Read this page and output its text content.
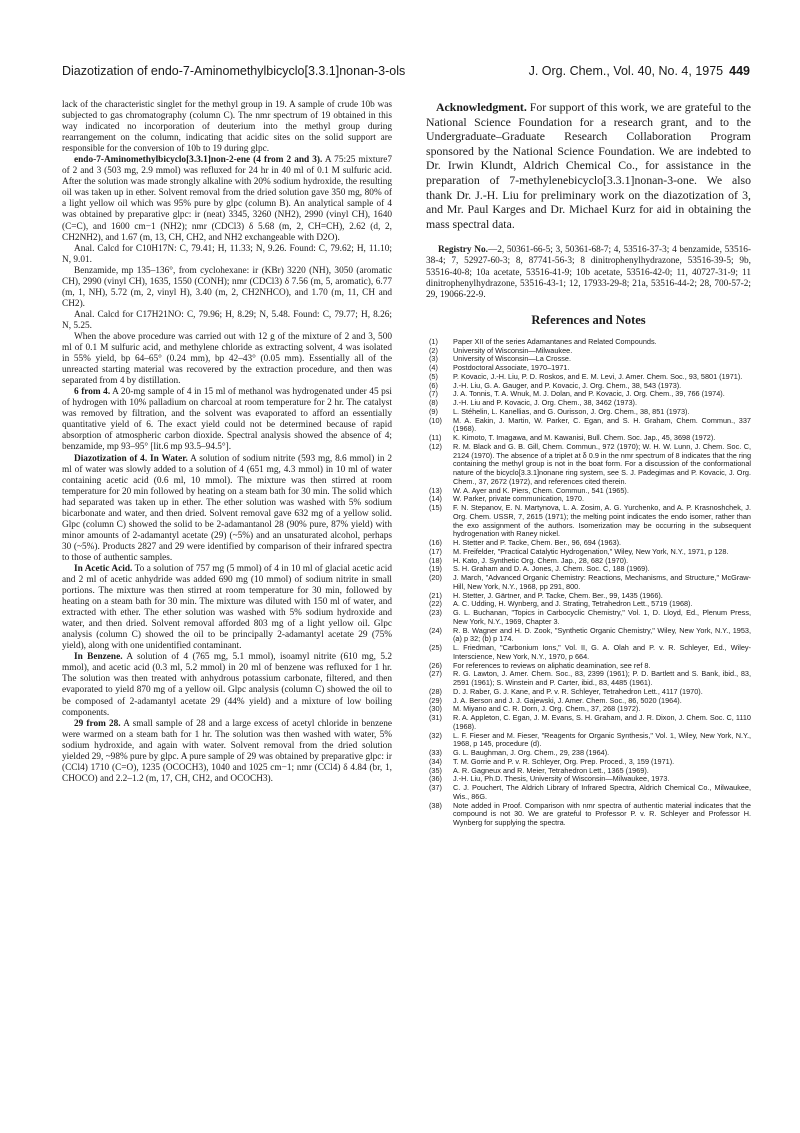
Diazotization of endo-7-Aminomethylbicyclo[3.3.1]nonan-3-ols	J. Org. Chem., Vol. 40, No. 4, 1975 449

lack of the characteristic singlet for the methyl group in 19. A sample of crude 10b was subjected to gas chromatography (column C). The nmr spectrum of 19 obtained in this way indicated no incorporation of deuterium into the methyl group during rearrangement on the column, indicating that acidic sites on the solid support are responsible for the conversion of 10b to 19 during glpc.

endo-7-Aminomethylbicyclo[3.3.1]non-2-ene (4 from 2 and 3). A 75:25 mixture7 of 2 and 3 (503 mg, 2.9 mmol) was refluxed for 24 hr in 40 ml of 0.1 M sulfuric acid. After the solution was made strongly alkaline with 20% sodium hydroxide, the resulting oil was taken up in ether. Solvent removal from the dried solution gave 350 mg, 80% of a light yellow oil which was 95% pure by glpc (column B). An analytical sample of 4 was obtained by preparative glpc: ir (neat) 3345, 3260 (NH2), 2990 (vinyl CH), 1640 (C=C), and 1600 cm−1 (NH2); nmr (CDCl3) δ 5.68 (m, 2, CH=CH), 2.62 (d, 2, CH2NH2), and 1.67 (m, 13, CH, CH2, and NH2 exchangeable with D2O).

Anal. Calcd for C10H17N: C, 79.41; H, 11.33; N, 9.26. Found: C, 79.62; H, 11.10; N, 9.01.

Benzamide, mp 135–136°, from cyclohexane: ir (KBr) 3220 (NH), 3050 (aromatic CH), 2990 (vinyl CH), 1635, 1550 (CONH); nmr (CDCl3) δ 7.56 (m, 5, aromatic), 6.77 (m, 1, NH), 5.72 (m, 2, vinyl H), 3.40 (m, 2, CH2NHCO), and 1.70 (m, 11, CH and CH2).

Anal. Calcd for C17H21NO: C, 79.96; H, 8.29; N, 5.48. Found: C, 79.77; H, 8.26; N, 5.25.

When the above procedure was carried out with 12 g of the mixture of 2 and 3, 500 ml of 0.1 M sulfuric acid, and methylene chloride as extracting solvent, 4 was isolated in 55% yield, bp 64–65° (0.24 mm), bp 42–43° (0.05 mm). Essentially all of the unreacted starting material was recovered by the extraction procedure, and then was separated from 4 by distillation.

6 from 4. A 20-mg sample of 4 in 15 ml of methanol was hydrogenated under 45 psi of hydrogen with 10% palladium on charcoal at room temperature for 2 hr. The catalyst was removed by filtration, and the solvent was evaporated to afford an essentially quantitative yield of 6. The exact yield could not be determined because of rapid absorption of atmospheric carbon dioxide. Spectral analysis showed the absence of 4; benzamide, mp 93–95° [lit.6 mp 93.5–94.5°].

Diazotization of 4. In Water. A solution of sodium nitrite (593 mg, 8.6 mmol) in 2 ml of water was slowly added to a solution of 4 (651 mg, 4.3 mmol) in 10 ml of water containing acetic acid (0.6 ml, 10 mmol). The mixture was then stirred at room temperature for 20 min followed by heating on a steam bath for 30 min. The solid which had separated was taken up in ether. The ether solution was washed with 5% sodium bicarbonate and water, and then dried. Solvent removal gave 632 mg of a yellow solid. Glpc (column C) showed the solid to be 2-adamantanol 28 (90% pure, 87% yield) with minor amounts of 2-adamantyl acetate (29) (~5%) and an unsaturated alcohol, perhaps 30 (~5%). Products 2827 and 29 were identified by comparison of their infrared spectra to those of authentic samples.

In Acetic Acid. To a solution of 757 mg (5 mmol) of 4 in 10 ml of glacial acetic acid and 2 ml of acetic anhydride was added 690 mg (10 mmol) of sodium nitrite in small portions. The mixture was then stirred at room temperature for 30 min, followed by heating on a steam bath for 30 min. The mixture was diluted with 150 ml of water, and extracted with ether. The ether solution was washed with 5% sodium hydroxide and water, and then dried. Solvent removal afforded 803 mg of a light yellow oil. Glpc analysis (column C) showed the oil to be principally 2-adamantyl acetate 29 (75% yield), along with one unidentified contaminant.

In Benzene. A solution of 4 (765 mg, 5.1 mmol), isoamyl nitrite (610 mg, 5.2 mmol), and acetic acid (0.3 ml, 5.2 mmol) in 20 ml of benzene was refluxed for 1 hr. The solution was then treated with anhydrous potassium carbonate, filtered, and then evaporated to yield 870 mg of a yellow oil. Glpc analysis (column C) showed the oil to be composed of 2-adamantyl acetate 29 (44% yield) and a mixture of low boiling components.

29 from 28. A small sample of 28 and a large excess of acetyl chloride in benzene were warmed on a steam bath for 1 hr. The solution was then washed with water, 5% sodium hydroxide, and again with water. Solvent removal from the dried solution yielded 29, ~98% pure by glpc. A pure sample of 29 was obtained by preparative glpc: ir (CCl4) 1710 (C=O), 1235 (OCOCH3), 1040 and 1025 cm−1; nmr (CCl4) δ 4.84 (br, 1, CHOCO) and 2.2–1.2 (m, 17, CH, CH2, and OCOCH3).

Acknowledgment. For support of this work, we are grateful to the National Science Foundation for a research grant, and to the Undergraduate–Graduate Research Collaboration Program sponsored by the National Science Foundation. We are indebted to Dr. Irwin Klundt, Aldrich Chemical Co., for assistance in the preparation of 7-methylenebicyclo[3.3.1]nonan-3-one. We also thank Dr. J.-H. Liu for preliminary work on the diazotization of 3, and Mr. Paul Karges and Dr. Michael Kurz for aid in obtaining the mass spectral data.

Registry No.—2, 50361-66-5; 3, 50361-68-7; 4, 53516-37-3; 4 benzamide, 53516-38-4; 7, 52927-60-3; 8, 87741-56-3; 8 dinitrophenylhydrazone, 53516-39-5; 9b, 53516-40-8; 10a acetate, 53516-41-9; 10b acetate, 53516-42-0; 11, 40727-31-9; 11 dinitrophenylhydrazone, 53516-43-1; 12, 17933-29-8; 21a, 53516-44-2; 28, 700-57-2; 29, 19066-22-9.

References and Notes
(1)	Paper XII of the series Adamantanes and Related Compounds.
(2)	University of Wisconsin—Milwaukee.
(3)	University of Wisconsin—La Crosse.
(4)	Postdoctoral Associate, 1970–1971.
(5)	P. Kovacic, J.-H. Liu, P. D. Roskos, and E. M. Levi, J. Amer. Chem. Soc., 93, 5801 (1971).
(6)	J.-H. Liu, G. A. Gauger, and P. Kovacic, J. Org. Chem., 38, 543 (1973).
(7)	J. A. Tonnis, T. A. Wnuk, M. J. Dolan, and P. Kovacic, J. Org. Chem., 39, 766 (1974).
(8)	J.-H. Liu and P. Kovacic, J. Org. Chem., 38, 3462 (1973).
(9)	L. Stéhelin, L. Kanellias, and G. Ourisson, J. Org. Chem., 38, 851 (1973).
(10)	M. A. Eakin, J. Martin, W. Parker, C. Egan, and S. H. Graham, Chem. Commun., 337 (1968).
(11)	K. Kimoto, T. Imagawa, and M. Kawanisi, Bull. Chem. Soc. Jap., 45, 3698 (1972).
(12)	R. M. Black and G. B. Gill, Chem. Commun., 972 (1970); W. H. W. Lunn, J. Chem. Soc. C, 2124 (1970). The absence of a triplet at δ 0.9 in the nmr spectrum of 8 indicates that the ring containing the methyl group is not in the boat form. For a discussion of the conformational nature of the bicyclo[3.3.1]nonane ring system, see S. J. Padegimas and P. Kovacic, J. Org. Chem., 37, 2672 (1972), and references cited therein.
(13)	W. A. Ayer and K. Piers, Chem. Commun., 541 (1965).
(14)	W. Parker, private communication, 1970.
(15)	F. N. Stepanov, E. N. Martynova, L. A. Zosim, A. G. Yurchenko, and A. P. Krasnoshchek, J. Org. Chem. USSR, 7, 2615 (1971); the melting point indicates the endo isomer, rather than the exo assignment of the authors. Isomerization may be occurring in the subsequent hydrogenation with Raney nickel.
(16)	H. Stetter and P. Tacke, Chem. Ber., 96, 694 (1963).
(17)	M. Freifelder, "Practical Catalytic Hydrogenation," Wiley, New York, N.Y., 1971, p 128.
(18)	H. Kato, J. Synthetic Org. Chem. Jap., 28, 682 (1970).
(19)	S. H. Graham and D. A. Jones, J. Chem. Soc. C, 188 (1969).
(20)	J. March, "Advanced Organic Chemistry: Reactions, Mechanisms, and Structure," McGraw-Hill, New York, N.Y., 1968, pp 291, 800.
(21)	H. Stetter, J. Gärtner, and P. Tacke, Chem. Ber., 99, 1435 (1966).
(22)	A. C. Udding, H. Wynberg, and J. Strating, Tetrahedron Lett., 5719 (1968).
(23)	G. L. Buchanan, "Topics in Carbocyclic Chemistry," Vol. 1, D. Lloyd, Ed., Plenum Press, New York, N.Y., 1969, Chapter 3.
(24)	R. B. Wagner and H. D. Zook, "Synthetic Organic Chemistry," Wiley, New York, N.Y., 1953, (a) p 32; (b) p 174.
(25)	L. Friedman, "Carbonium Ions," Vol. II, G. A. Olah and P. v. R. Schleyer, Ed., Wiley-Interscience, New York, N.Y., 1970, p 664.
(26)	For references to reviews on aliphatic deamination, see ref 8.
(27)	R. G. Lawton, J. Amer. Chem. Soc., 83, 2399 (1961); P. D. Bartlett and S. Bank, ibid., 83, 2591 (1961); S. Winstein and P. Carter, ibid., 83, 4485 (1961).
(28)	D. J. Raber, G. J. Kane, and P. v. R. Schleyer, Tetrahedron Lett., 4117 (1970).
(29)	J. A. Berson and J. J. Gajewski, J. Amer. Chem. Soc., 86, 5020 (1964).
(30)	M. Miyano and C. R. Dorn, J. Org. Chem., 37, 268 (1972).
(31)	R. A. Appleton, C. Egan, J. M. Evans, S. H. Graham, and J. R. Dixon, J. Chem. Soc. C, 1110 (1968).
(32)	L. F. Fieser and M. Fieser, "Reagents for Organic Synthesis," Vol. 1, Wiley, New York, N.Y., 1968, p 145, procedure (d).
(33)	G. L. Baughman, J. Org. Chem., 29, 238 (1964).
(34)	T. M. Gorrie and P. v. R. Schleyer, Org. Prep. Proced., 3, 159 (1971).
(35)	A. R. Gagneux and R. Meier, Tetrahedron Lett., 1365 (1969).
(36)	J.-H. Liu, Ph.D. Thesis, University of Wisconsin—Milwaukee, 1973.
(37)	C. J. Pouchert, The Aldrich Library of Infrared Spectra, Aldrich Chemical Co., Milwaukee, Wis., 86G.
(38)	Note added in Proof. Comparison with nmr spectra of authentic material indicates that the compound is not 30. We are grateful to Professor P. v. R. Schleyer and Professor H. Wynberg for supplying the spectra.
